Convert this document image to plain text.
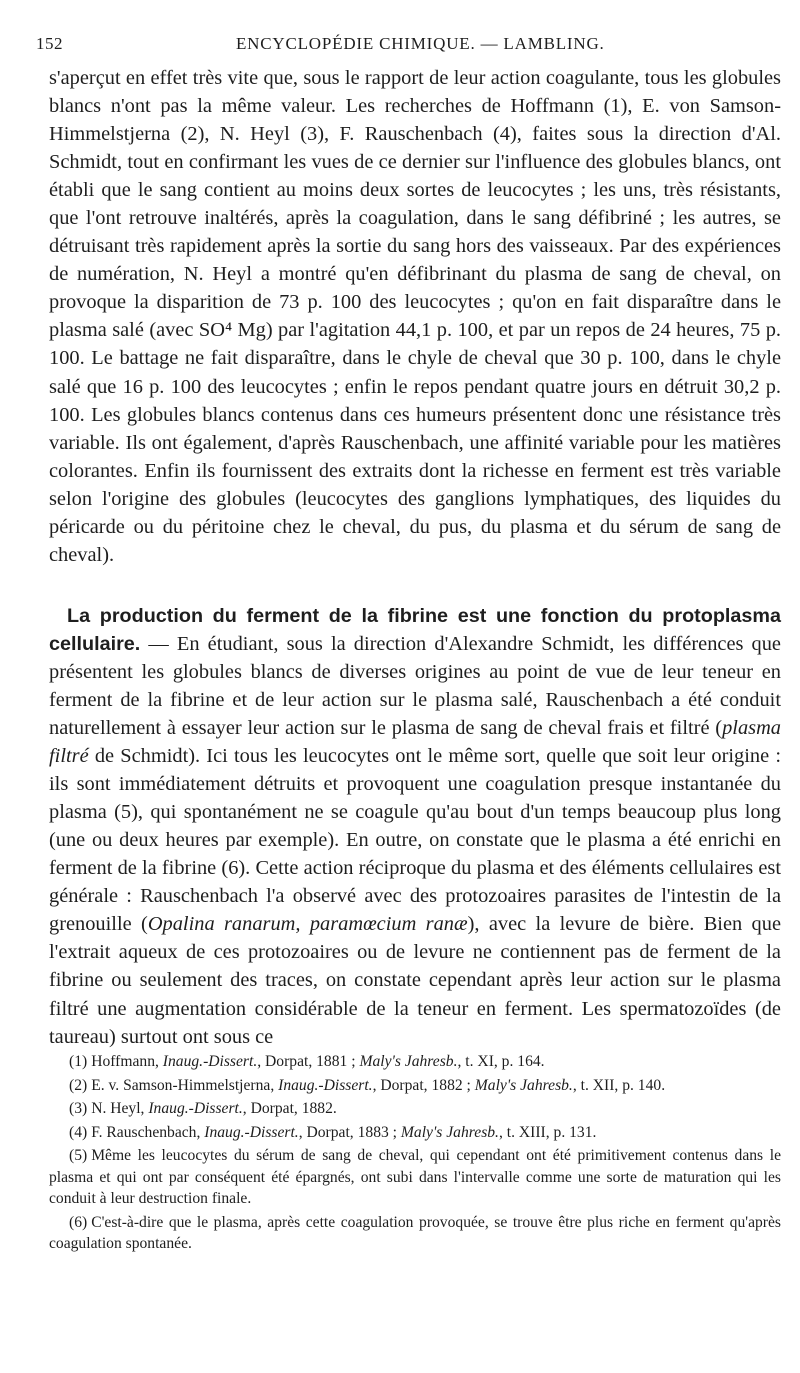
152	ENCYCLOPÉDIE CHIMIQUE. — LAMBLING.

s'aperçut en effet très vite que, sous le rapport de leur action coagulante, tous les globules blancs n'ont pas la même valeur. Les recherches de Hoffmann (1), E. von Samson-Himmelstjerna (2), N. Heyl (3), F. Rauschenbach (4), faites sous la direction d'Al. Schmidt, tout en confirmant les vues de ce dernier sur l'influence des globules blancs, ont établi que le sang contient au moins deux sortes de leucocytes ; les uns, très résistants, que l'ont retrouve inaltérés, après la coagulation, dans le sang défibriné ; les autres, se détruisant très rapidement après la sortie du sang hors des vaisseaux. Par des expériences de numération, N. Heyl a montré qu'en défibrinant du plasma de sang de cheval, on provoque la disparition de 73 p. 100 des leucocytes ; qu'on en fait disparaître dans le plasma salé (avec SO⁴ Mg) par l'agitation 44,1 p. 100, et par un repos de 24 heures, 75 p. 100. Le battage ne fait disparaître, dans le chyle de cheval que 30 p. 100, dans le chyle salé que 16 p. 100 des leucocytes ; enfin le repos pendant quatre jours en détruit 30,2 p. 100. Les globules blancs contenus dans ces humeurs présentent donc une résistance très variable. Ils ont également, d'après Rauschenbach, une affinité variable pour les matières colorantes. Enfin ils fournissent des extraits dont la richesse en ferment est très variable selon l'origine des globules (leucocytes des ganglions lymphatiques, des liquides du péricarde ou du péritoine chez le cheval, du pus, du plasma et du sérum de sang de cheval).

La production du ferment de la fibrine est une fonction du protoplasma cellulaire. — En étudiant, sous la direction d'Alexandre Schmidt, les différences que présentent les globules blancs de diverses origines au point de vue de leur teneur en ferment de la fibrine et de leur action sur le plasma salé, Rauschenbach a été conduit naturellement à essayer leur action sur le plasma de sang de cheval frais et filtré (plasma filtré de Schmidt). Ici tous les leucocytes ont le même sort, quelle que soit leur origine : ils sont immédiatement détruits et provoquent une coagulation presque instantanée du plasma (5), qui spontanément ne se coagule qu'au bout d'un temps beaucoup plus long (une ou deux heures par exemple). En outre, on constate que le plasma a été enrichi en ferment de la fibrine (6). Cette action réciproque du plasma et des éléments cellulaires est générale : Rauschenbach l'a observé avec des protozoaires parasites de l'intestin de la grenouille (Opalina ranarum, paramœcium ranæ), avec la levure de bière. Bien que l'extrait aqueux de ces protozoaires ou de levure ne contiennent pas de ferment de la fibrine ou seulement des traces, on constate cependant après leur action sur le plasma filtré une augmentation considérable de la teneur en ferment. Les spermatozoïdes (de taureau) surtout ont sous ce

(1) Hoffmann, Inaug.-Dissert., Dorpat, 1881 ; Maly's Jahresb., t. XI, p. 164.

(2) E. v. Samson-Himmelstjerna, Inaug.-Dissert., Dorpat, 1882 ; Maly's Jahresb., t. XII, p. 140.

(3) N. Heyl, Inaug.-Dissert., Dorpat, 1882.

(4) F. Rauschenbach, Inaug.-Dissert., Dorpat, 1883 ; Maly's Jahresb., t. XIII, p. 131.

(5) Même les leucocytes du sérum de sang de cheval, qui cependant ont été primitivement contenus dans le plasma et qui ont par conséquent été épargnés, ont subi dans l'intervalle comme une sorte de maturation qui les conduit à leur destruction finale.

(6) C'est-à-dire que le plasma, après cette coagulation provoquée, se trouve être plus riche en ferment qu'après coagulation spontanée.
